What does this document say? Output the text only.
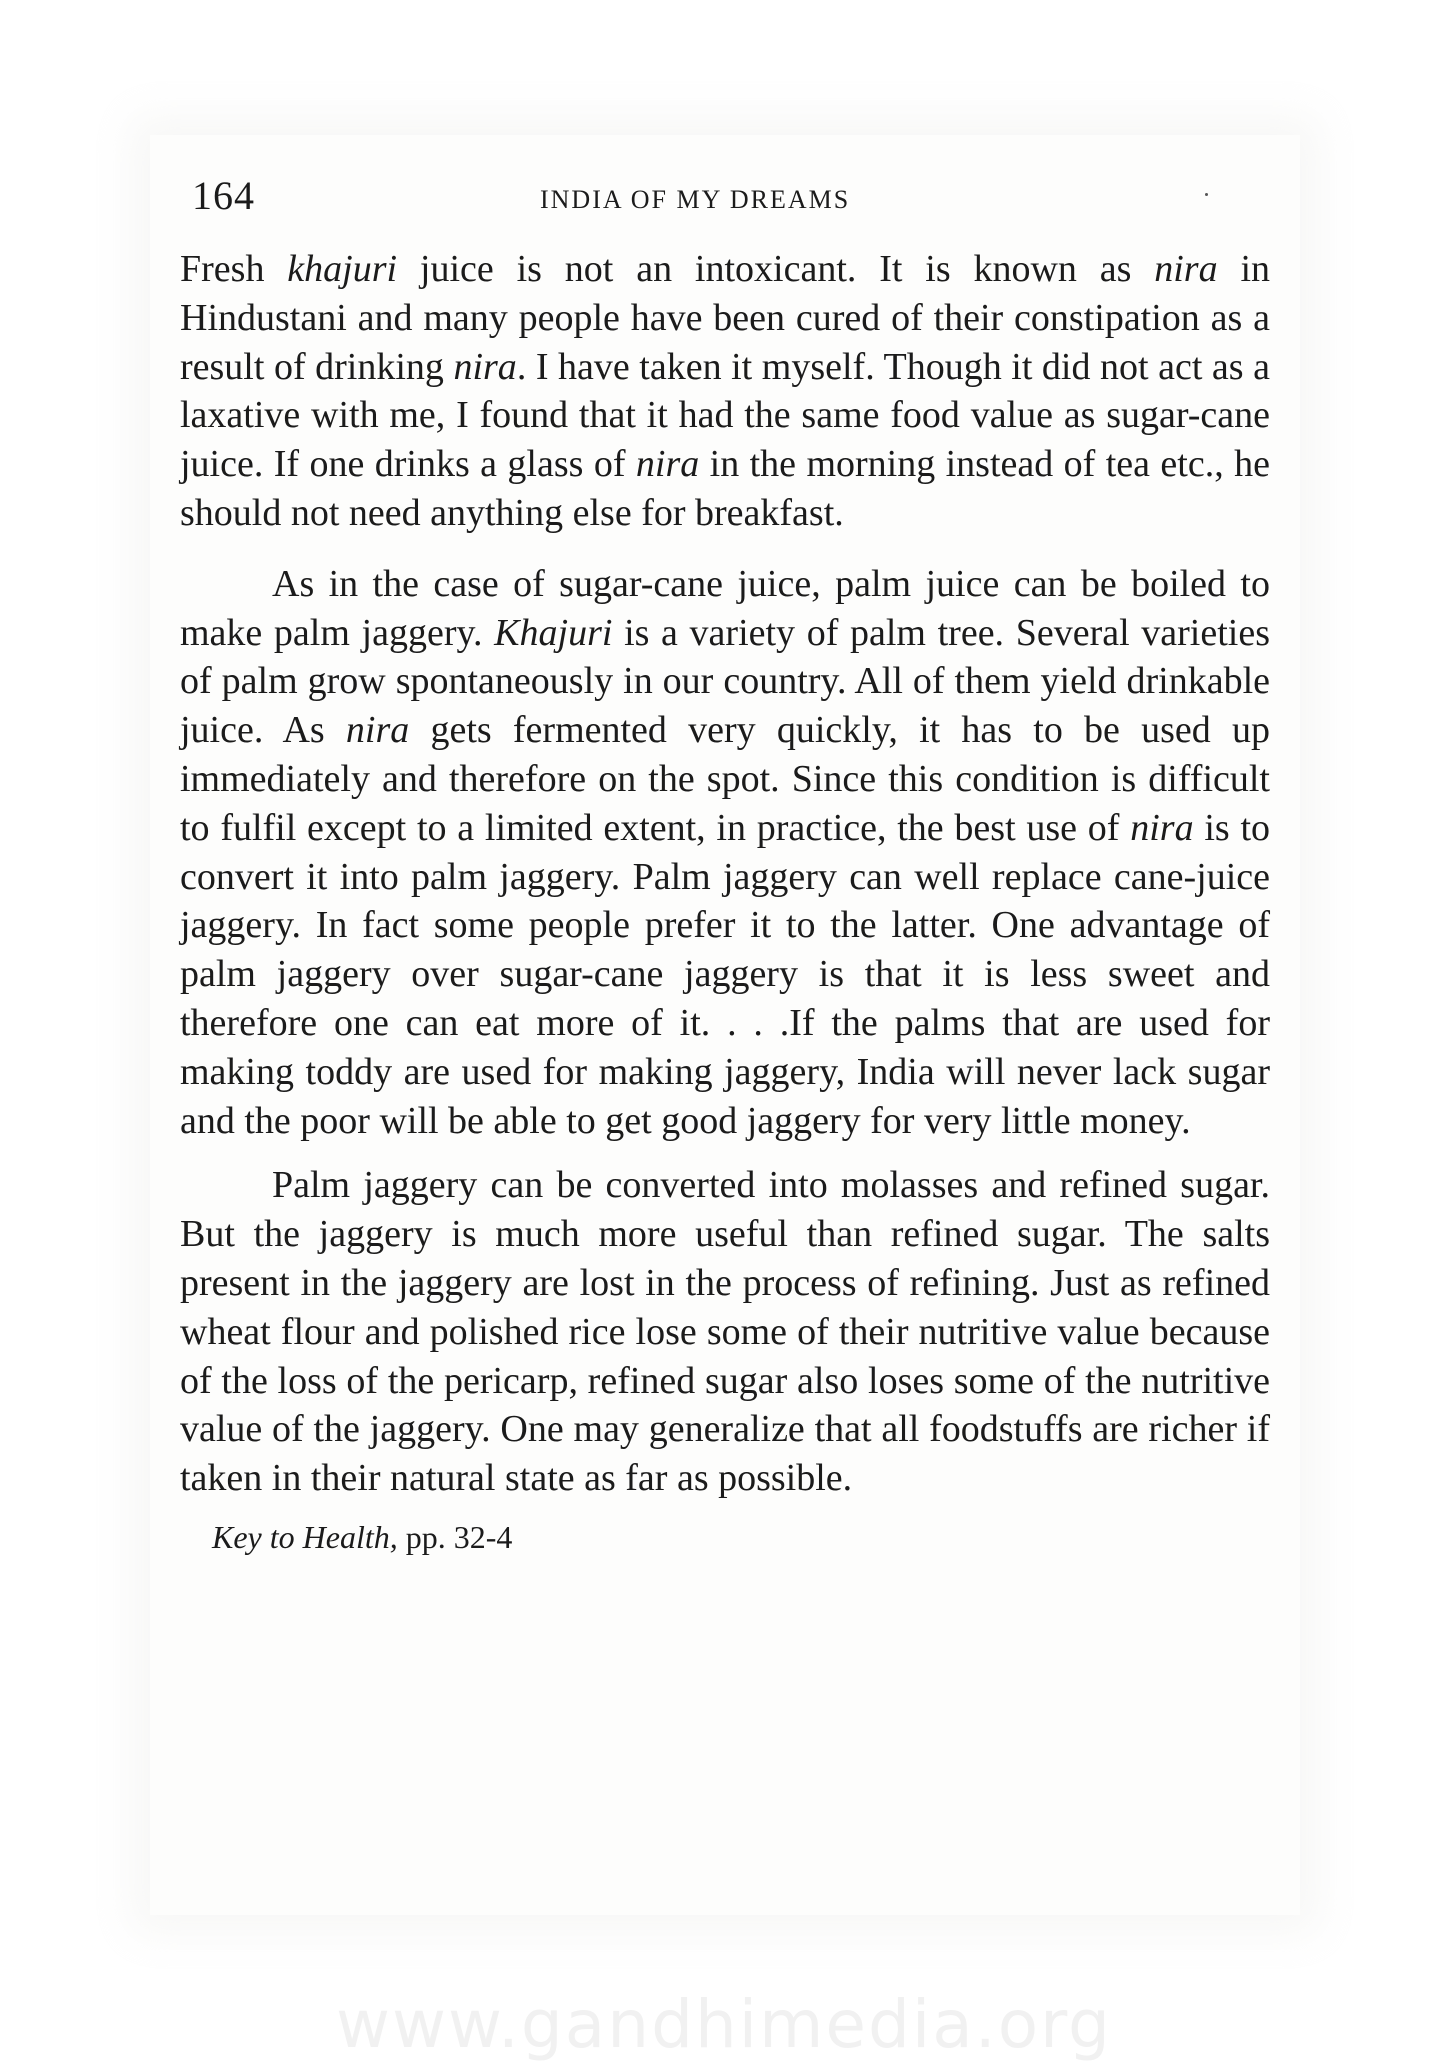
164	INDIA OF MY DREAMS

Fresh khajuri juice is not an intoxicant. It is known as nira in Hindustani and many people have been cured of their constipation as a result of drinking nira. I have taken it myself. Though it did not act as a laxative with me, I found that it had the same food value as sugar-cane juice. If one drinks a glass of nira in the morning instead of tea etc., he should not need anything else for breakfast.

As in the case of sugar-cane juice, palm juice can be boiled to make palm jaggery. Khajuri is a variety of palm tree. Several varieties of palm grow spontaneously in our country. All of them yield drinkable juice. As nira gets fermented very quickly, it has to be used up immediately and therefore on the spot. Since this condition is difficult to fulfil except to a limited extent, in practice, the best use of nira is to convert it into palm jaggery. Palm jaggery can well replace cane-juice jaggery. In fact some people prefer it to the latter. One advantage of palm jaggery over sugar-cane jaggery is that it is less sweet and therefore one can eat more of it. . . .If the palms that are used for making toddy are used for making jaggery, India will never lack sugar and the poor will be able to get good jaggery for very little money.

Palm jaggery can be converted into molasses and refined sugar. But the jaggery is much more useful than refined sugar. The salts present in the jaggery are lost in the process of refining. Just as refined wheat flour and polished rice lose some of their nutritive value because of the loss of the pericarp, refined sugar also loses some of the nutritive value of the jaggery. One may generalize that all foodstuffs are richer if taken in their natural state as far as possible.

Key to Health, pp. 32-4

www.gandhimedia.org
